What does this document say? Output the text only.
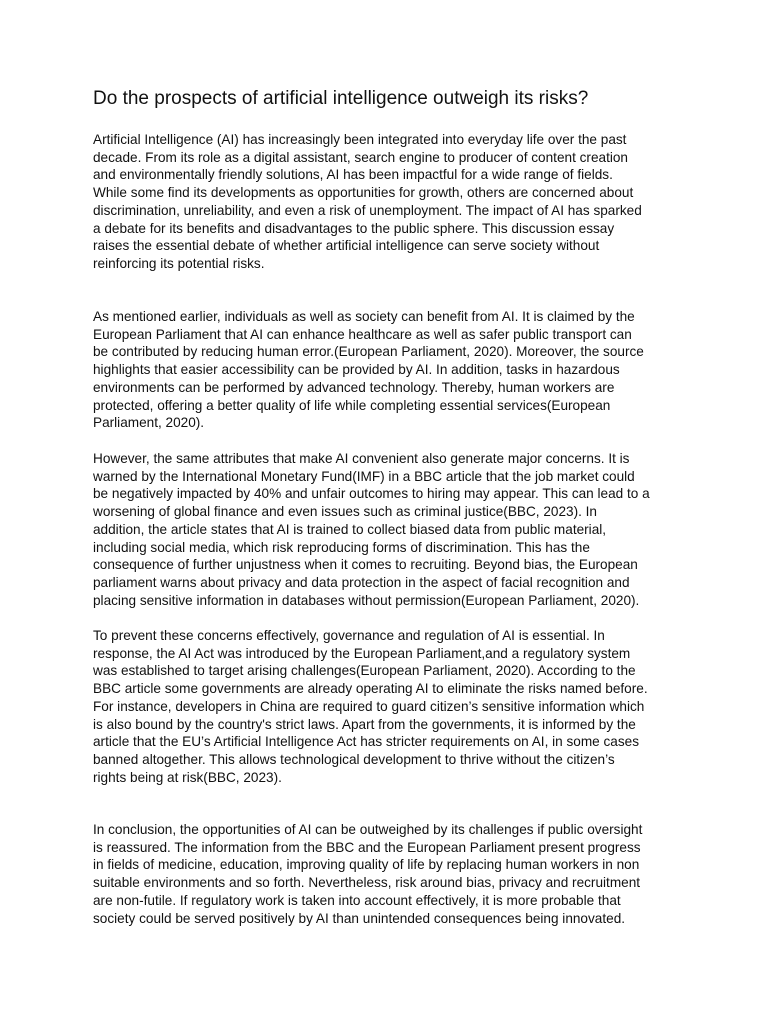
Do the prospects of artificial intelligence outweigh its risks?

Artificial Intelligence (AI) has increasingly been integrated into everyday life over the past
decade. From its role as a digital assistant, search engine to producer of content creation
and environmentally friendly solutions, AI has been impactful for a wide range of fields.
While some find its developments as opportunities for growth, others are concerned about
discrimination, unreliability, and even a risk of unemployment. The impact of AI has sparked
a debate for its benefits and disadvantages to the public sphere. This discussion essay
raises the essential debate of whether artificial intelligence can serve society without
reinforcing its potential risks.

As mentioned earlier, individuals as well as society can benefit from AI. It is claimed by the
European Parliament that AI can enhance healthcare as well as safer public transport can
be contributed by reducing human error.(European Parliament, 2020). Moreover, the source
highlights that easier accessibility can be provided by AI. In addition, tasks in hazardous
environments can be performed by advanced technology. Thereby, human workers are
protected, offering a better quality of life while completing essential services(European
Parliament, 2020).

However, the same attributes that make AI convenient also generate major concerns. It is
warned by the International Monetary Fund(IMF) in a BBC article that the job market could
be negatively impacted by 40% and unfair outcomes to hiring may appear. This can lead to a
worsening of global finance and even issues such as criminal justice(BBC, 2023). In
addition, the article states that AI is trained to collect biased data from public material,
including social media, which risk reproducing forms of discrimination. This has the
consequence of further unjustness when it comes to recruiting. Beyond bias, the European
parliament warns about privacy and data protection in the aspect of facial recognition and
placing sensitive information in databases without permission(European Parliament, 2020).

To prevent these concerns effectively, governance and regulation of AI is essential. In
response, the AI Act was introduced by the European Parliament,and a regulatory system
was established to target arising challenges(European Parliament, 2020). According to the
BBC article some governments are already operating AI to eliminate the risks named before.
For instance, developers in China are required to guard citizen’s sensitive information which
is also bound by the country's strict laws. Apart from the governments, it is informed by the
article that the EU’s Artificial Intelligence Act has stricter requirements on AI, in some cases
banned altogether. This allows technological development to thrive without the citizen’s
rights being at risk(BBC, 2023).

In conclusion, the opportunities of AI can be outweighed by its challenges if public oversight
is reassured. The information from the BBC and the European Parliament present progress
in fields of medicine, education, improving quality of life by replacing human workers in non
suitable environments and so forth. Nevertheless, risk around bias, privacy and recruitment
are non-futile. If regulatory work is taken into account effectively, it is more probable that
society could be served positively by AI than unintended consequences being innovated.
